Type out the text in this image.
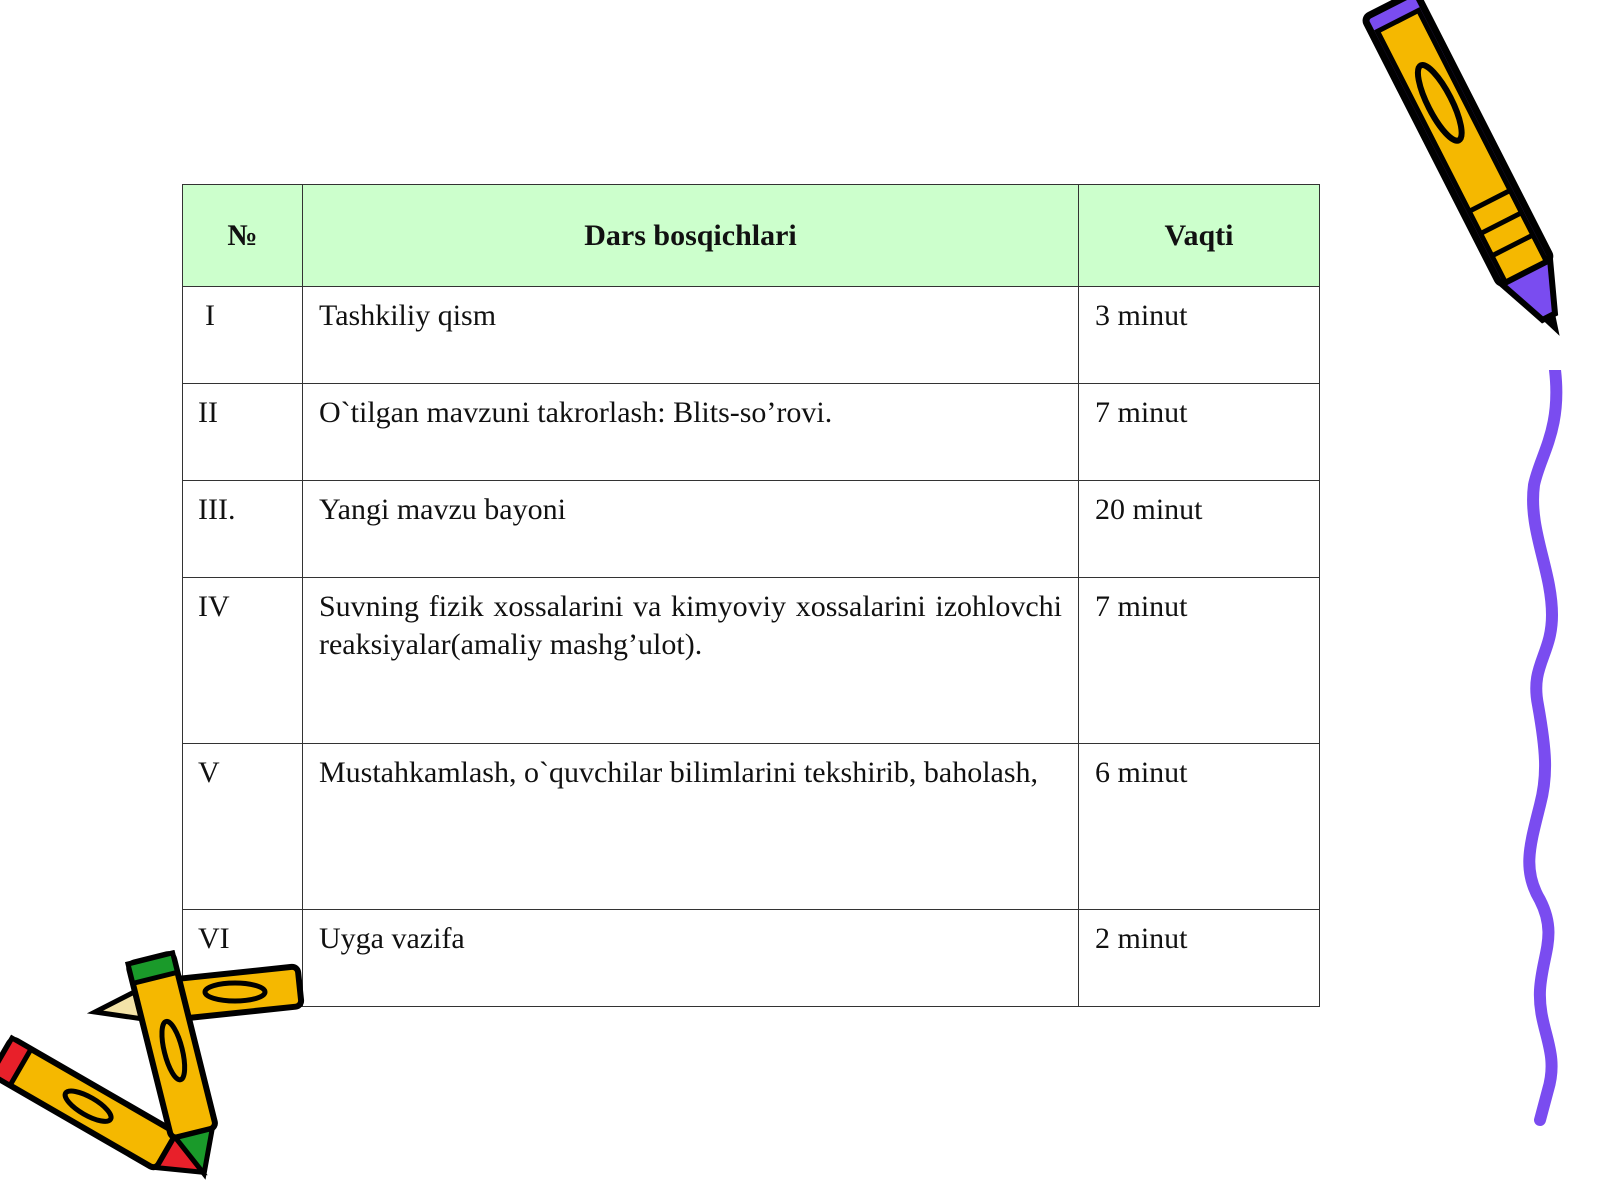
№	Dars bosqichlari	Vaqti
I	Tashkiliy qism	3 minut
II	O`tilgan mavzuni takrorlash: Blits-so’rovi.	7 minut
III.	Yangi mavzu bayoni	20 minut
IV	Suvning fizik xossalarini va kimyoviy xossalarini izohlovchi reaksiyalar(amaliy mashg’ulot).	7 minut
V	Mustahkamlash, o`quvchilar bilimlarini tekshirib, baholash,	6 minut
VI	Uyga vazifa	2 minut
